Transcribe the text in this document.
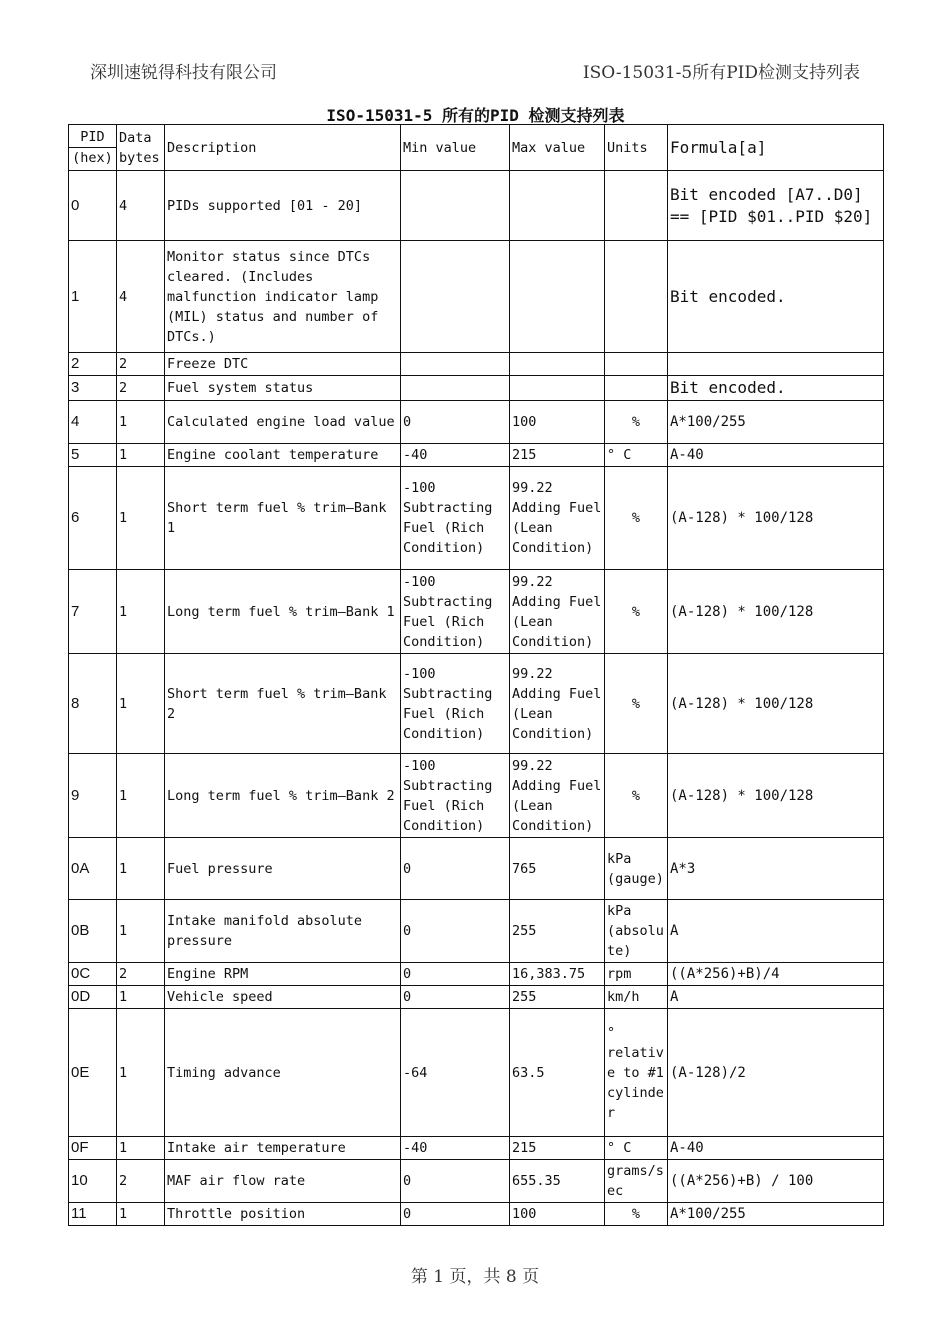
深圳速锐得科技有限公司	ISO-15031-5所有PID检测支持列表
ISO-15031-5 所有的PID 检测支持列表
PID
(hex)	Data bytes	Description	Min value	Max value	Units	Formula[a]
0	4	PIDs supported [01 - 20]				Bit encoded [A7..D0] == [PID $01..PID $20]
1	4	Monitor status since DTCs cleared. (Includes malfunction indicator lamp (MIL) status and number of DTCs.)				Bit encoded.
2	2	Freeze DTC				
3	2	Fuel system status				Bit encoded.
4	1	Calculated engine load value	0	100	%	A*100/255
5	1	Engine coolant temperature	-40	215	° C	A-40
6	1	Short term fuel % trim—Bank 1	-100 Subtracting Fuel (Rich Condition)	99.22 Adding Fuel (Lean Condition)	%	(A-128) * 100/128
7	1	Long term fuel % trim—Bank 1	-100 Subtracting Fuel (Rich Condition)	99.22 Adding Fuel (Lean Condition)	%	(A-128) * 100/128
8	1	Short term fuel % trim—Bank 2	-100 Subtracting Fuel (Rich Condition)	99.22 Adding Fuel (Lean Condition)	%	(A-128) * 100/128
9	1	Long term fuel % trim—Bank 2	-100 Subtracting Fuel (Rich Condition)	99.22 Adding Fuel (Lean Condition)	%	(A-128) * 100/128
0A	1	Fuel pressure	0	765	kPa (gauge)	A*3
0B	1	Intake manifold absolute pressure	0	255	kPa (absolute)	A
0C	2	Engine RPM	0	16,383.75	rpm	((A*256)+B)/4
0D	1	Vehicle speed	0	255	km/h	A
0E	1	Timing advance	-64	63.5	° relative to #1 cylinder	(A-128)/2
0F	1	Intake air temperature	-40	215	° C	A-40
10	2	MAF air flow rate	0	655.35	grams/sec	((A*256)+B) / 100
11	1	Throttle position	0	100	%	A*100/255
第 1 页，共 8 页
